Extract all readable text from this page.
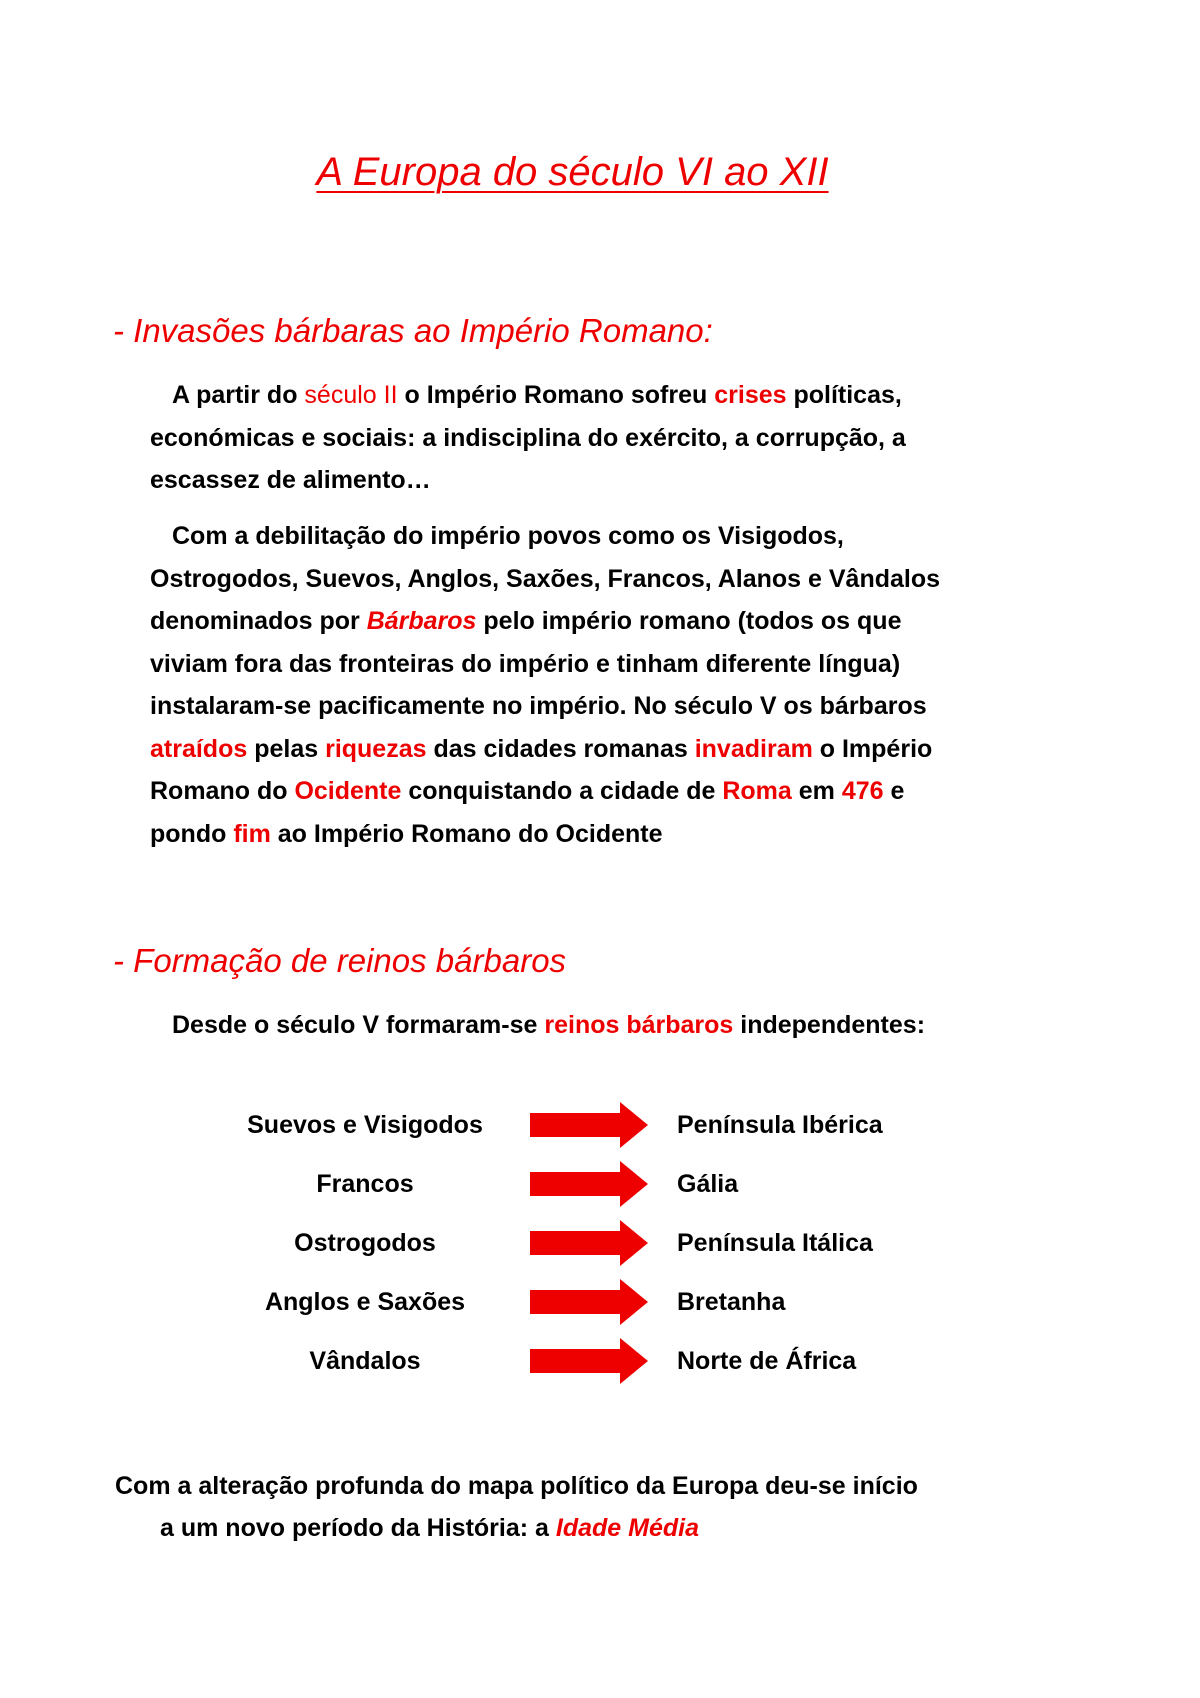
A Europa do século VI ao XII
- Invasões bárbaras ao Império Romano:
A partir do século II o Império Romano sofreu crises políticas,
económicas e sociais: a indisciplina do exército, a corrupção, a
escassez de alimento…
Com a debilitação do império povos como os Visigodos,
Ostrogodos, Suevos, Anglos, Saxões, Francos, Alanos e Vândalos
denominados por Bárbaros pelo império romano (todos os que
viviam fora das fronteiras do império e tinham diferente língua)
instalaram-se pacificamente no império. No século V os bárbaros
atraídos pelas riquezas das cidades romanas invadiram o Império
Romano do Ocidente conquistando a cidade de Roma em 476 e
pondo fim ao Império Romano do Ocidente
- Formação de reinos bárbaros
Desde o século V formaram-se reinos bárbaros independentes:
Suevos e Visigodos	Península Ibérica
Francos	Gália
Ostrogodos	Península Itálica
Anglos e Saxões	Bretanha
Vândalos	Norte de África
Com a alteração profunda do mapa político da Europa deu-se início
a um novo período da História: a Idade Média
